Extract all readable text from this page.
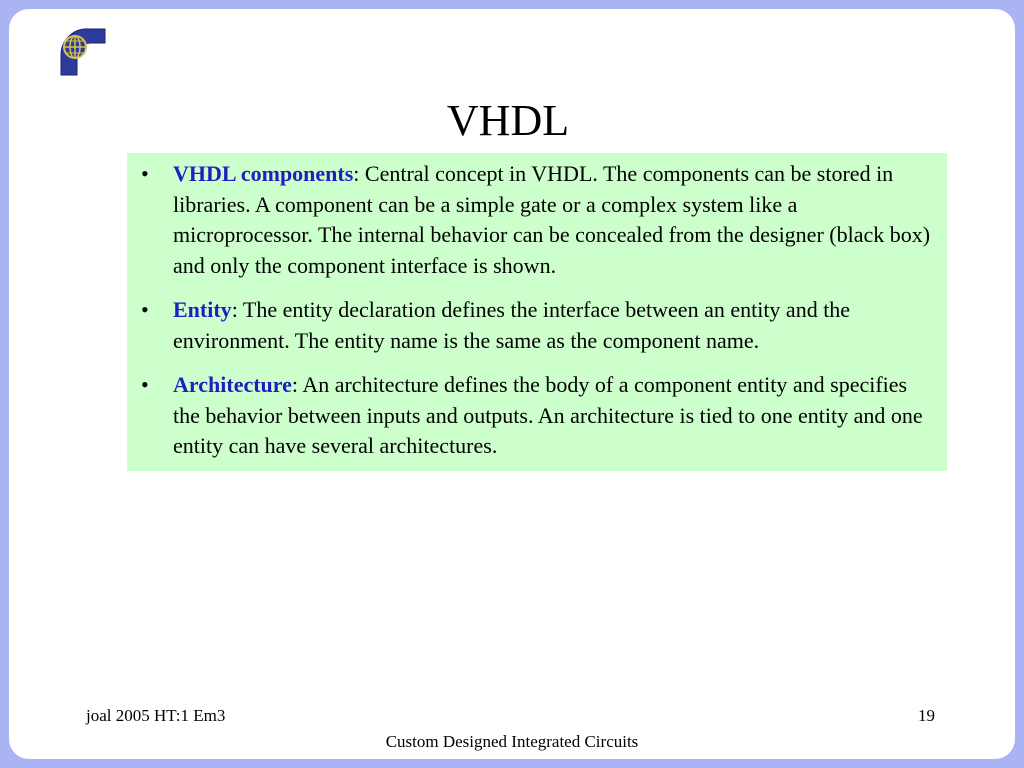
VHDL
•	VHDL components: Central concept in VHDL. The components can be stored in libraries. A component can be a simple gate or a complex system like a microprocessor. The internal behavior can be concealed from the designer (black box) and only the component interface is shown.
•	Entity: The entity declaration defines the interface between an entity and the environment. The entity name is the same as the component name.
•	Architecture: An architecture defines the body of a component entity and specifies the behavior between inputs and outputs. An architecture is tied to one entity and one entity can have several architectures.
joal 2005 HT:1 Em3	19
Custom Designed Integrated Circuits
